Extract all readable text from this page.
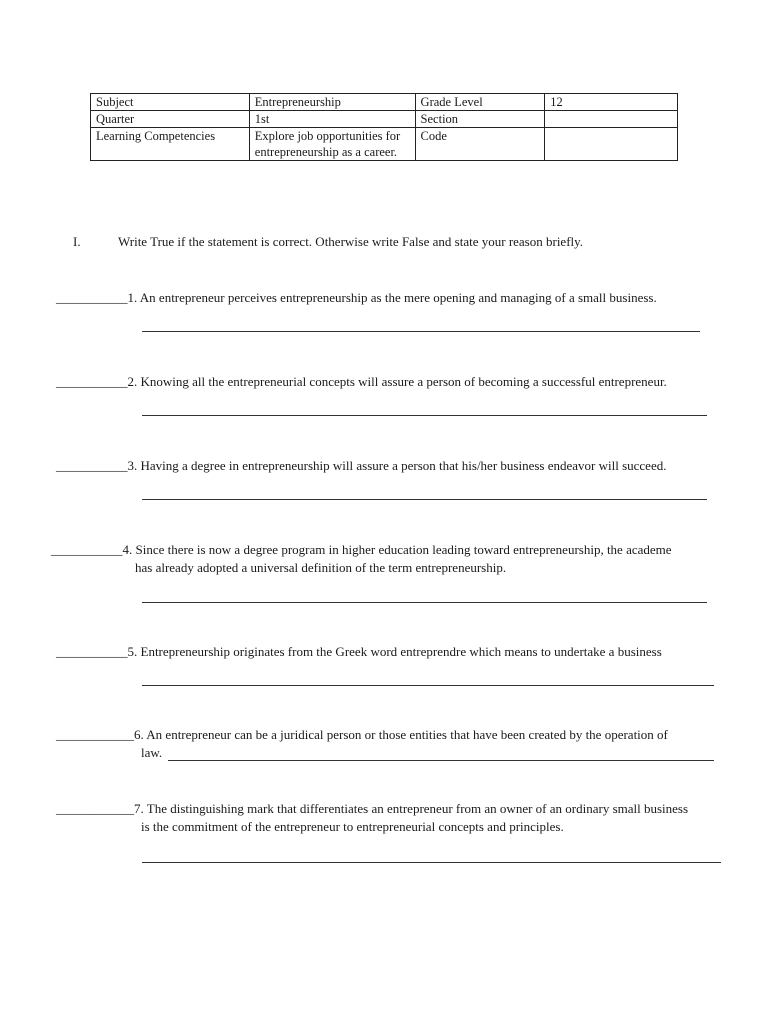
Subject	Entrepreneurship	Grade Level	12
Quarter	1st	Section	
Learning Competencies	Explore job opportunities for entrepreneurship as a career.	Code	
I.	Write True if the statement is correct. Otherwise write False and state your reason briefly.
___________1. An entrepreneur perceives entrepreneurship as the mere opening and managing of a small business.
___________2. Knowing all the entrepreneurial concepts will assure a person of becoming a successful entrepreneur.
___________3. Having a degree in entrepreneurship will assure a person that his/her business endeavor will succeed.
___________4. Since there is now a degree program in higher education leading toward entrepreneurship, the academe
has already adopted a universal definition of the term entrepreneurship.
___________5. Entrepreneurship originates from the Greek word entreprendre which means to undertake a business
____________6. An entrepreneur can be a juridical person or those entities that have been created by the operation of
law.
____________7. The distinguishing mark that differentiates an entrepreneur from an owner of an ordinary small business
is the commitment of the entrepreneur to entrepreneurial concepts and principles.
